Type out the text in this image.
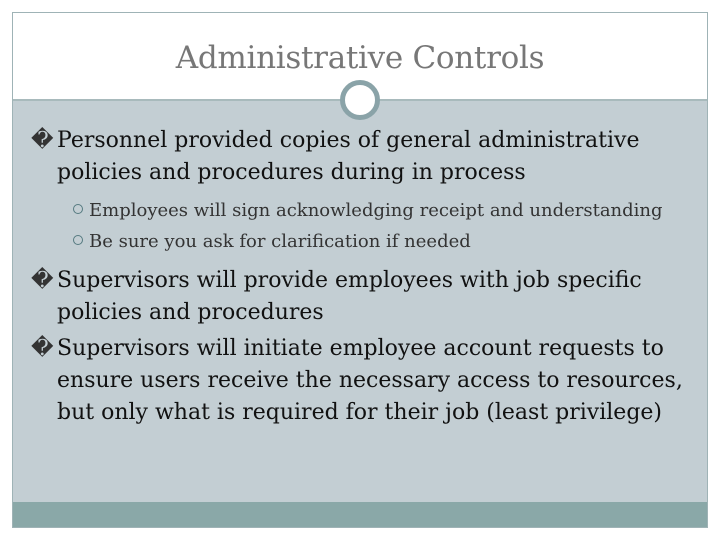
Administrative Controls

� Personnel provided copies of general administrative policies and procedures during in process

Employees will sign acknowledging receipt and understanding

Be sure you ask for clarification if needed

� Supervisors will provide employees with job specific policies and procedures

� Supervisors will initiate employee account requests to ensure users receive the necessary access to resources, but only what is required for their job (least privilege)
